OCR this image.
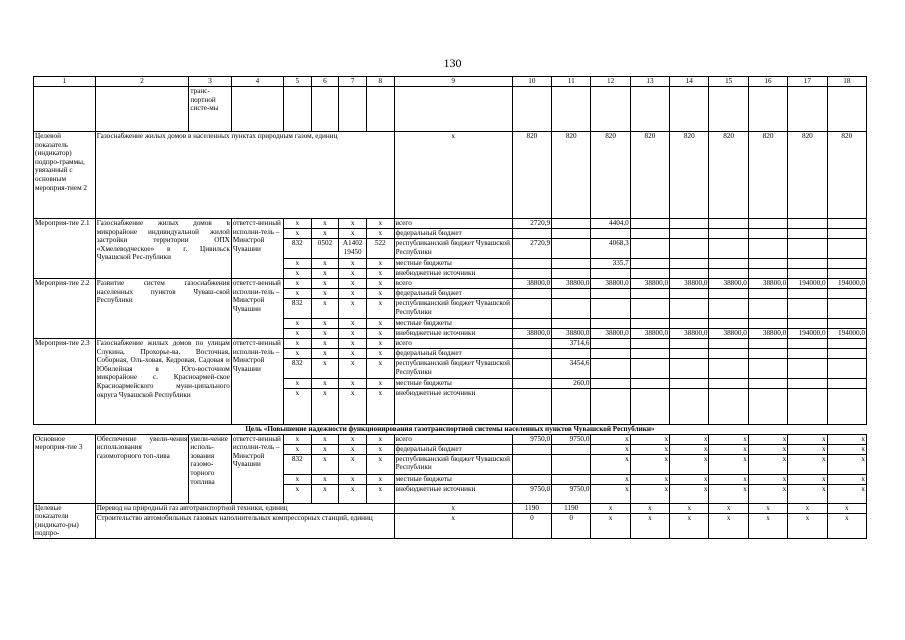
130
1	2	3	4	5	6	7	8	9	10	11	12	13	14	15	16	17	18
		транс-портной систе-мы															
Целевой показатель (индикатор) подпро-граммы, увязанный с основным мероприя-тием 2	Газоснабжение жилых домов в населенных пунктах природным газом, единиц							x	820	820	820	820	820	820	820	820	820
Мероприя-тие 2.1	Газоснабжение жилых домов в микрорайоне индивидуальной жилой застройки территории ОПХ «Хмелеводческое» в г. Цивильск Чувашской Рес-публики		ответст-венный исполни-тель – Минстрой Чувашии	x	x	x	x	всего	2720,9		4404,0						
				x	x	x	x	федеральный бюджет									
				832	0502	А1402 19450	522	республиканский бюджет Чувашской Республики	2720,9		4068,3						
				x	x	x	x	местные бюджеты			335,7						
				x	x	x	x	внебюджетные источники									
Мероприя-тие 2.2	Развитие систем газоснабжения населенных пунктов Чуваш-ской Республики		ответст-венный исполни-тель – Минстрой Чувашии	x	x	x	x	всего	38800,0	38800,0	38800,0	38800,0	38800,0	38800,0	38800,0	194000,0	194000,0
				x	x	x	x	федеральный бюджет									
				832	x	x	x	республиканский бюджет Чувашской Республики									
				x	x	x	x	местные бюджеты									
				x	x	x	x	внебюджетные источники	38800,0	38800,0	38800,0	38800,0	38800,0	38800,0	38800,0	194000,0	194000,0
Мероприя-тие 2.3	Газоснабжение жилых домов по улицам Слукина, Прохорье-ва, Восточная, Соборная, Оль-ховая, Кедровая, Садовая и Юбилейная в Юго-восточном микрорайоне с. Красноармей-ское Красноармейского муни-ципального округа Чувашской Республики		ответст-венный исполни-тель – Минстрой Чувашии	x	x	x	x	всего		3714,6							
				x	x	x	x	федеральный бюджет									
				832	x	x	x	республиканский бюджет Чувашской Республики		3454,6							
				x	x	x	x	местные бюджеты		260,0							
				x	x	x	x	внебюджетные источники									
Цель «Повышение надежности функционирования газотранспортной системы населенных пунктов Чувашской Республики»																	
Основное мероприя-тие 3	Обеспечение увели-чения использования газомоторного топ-лива	увели-чение исполь-зования газомо-торного топлива	ответст-венный исполни-тель – Минстрой Чувашии	x	x	x	x	всего	9750,0	9750,0	x	x	x	x	x	x	x
				x	x	x	x	федеральный бюджет			x	x	x	x	x	x	x
				832	x	x	x	республиканский бюджет Чувашской Республики			x	x	x	x	x	x	x
				x	x	x	x	местные бюджеты			x	x	x	x	x	x	x
				x	x	x	x	внебюджетные источники	9750,0	9750,0	x	x	x	x	x	x	x
Целевые показатели (индикато-ры) подпро-	Перевод на природный газ автотранспортной техники, единиц							x	1190	1190	x	x	x	x	x	x	x
	Строительство автомобильных газовых наполнительных компрессорных станций, единиц							x	0	0	x	x	x	x	x	x	x
